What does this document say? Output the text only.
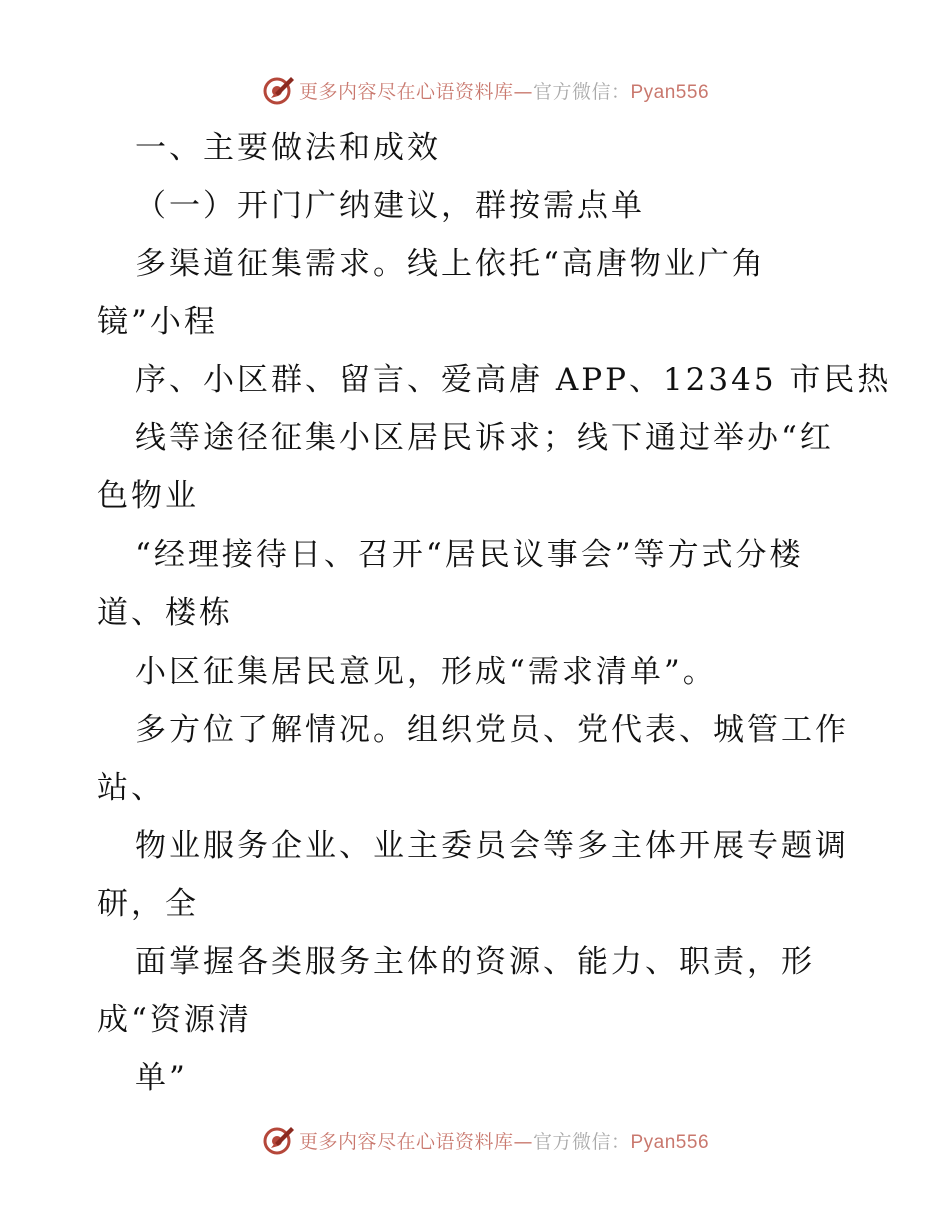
更多内容尽在心语资料库—官方微信：Pyan556
一、主要做法和成效
（一）开门广纳建议，群按需点单
多渠道征集需求。线上依托“高唐物业广角
镜”小程
序、小区群、留言、爱高唐 APP、12345 市民热
线等途径征集小区居民诉求；线下通过举办“红
色物业
“经理接待日、召开“居民议事会”等方式分楼
道、楼栋
小区征集居民意见，形成“需求清单”。
多方位了解情况。组织党员、党代表、城管工作
站、
物业服务企业、业主委员会等多主体开展专题调
研，全
面掌握各类服务主体的资源、能力、职责，形
成“资源清
单”
更多内容尽在心语资料库—官方微信：Pyan556
